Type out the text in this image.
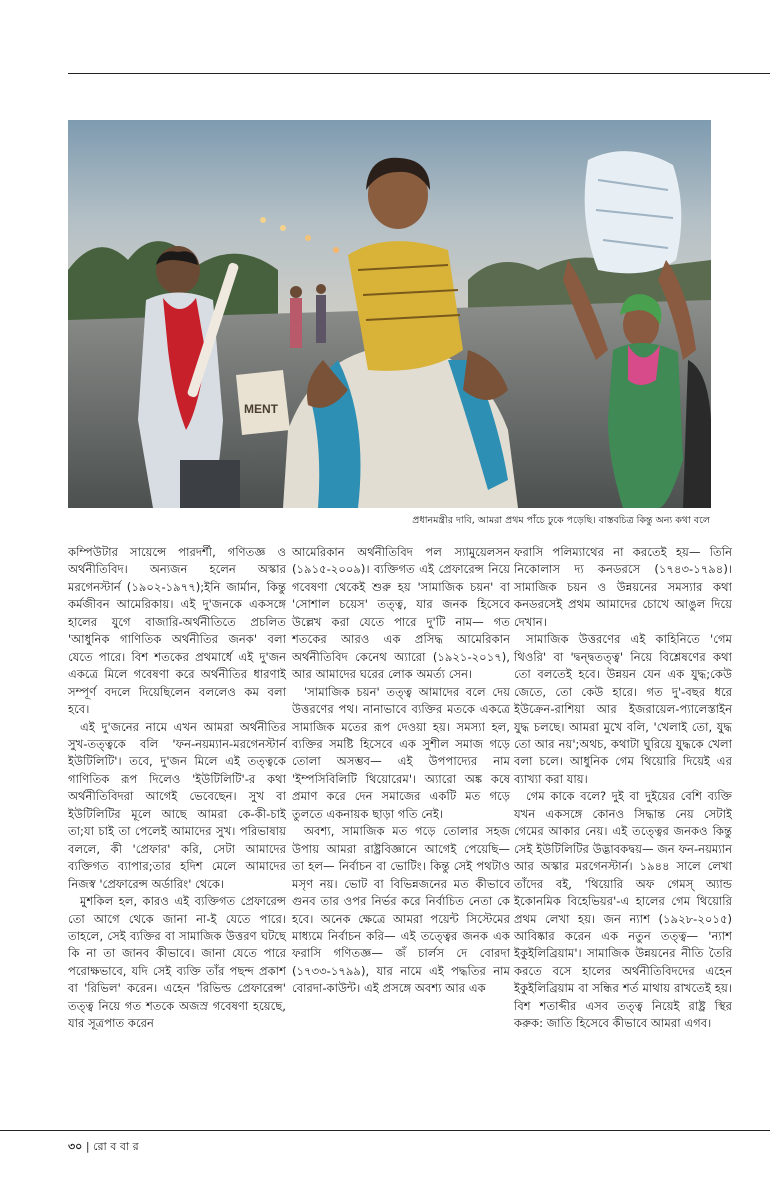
MENT
প্রধানমন্ত্রীর দাবি, আমরা প্রথম পাঁচে ঢুকে পড়েছি। বাস্তবচিত্র কিন্তু অন্য কথা বলে

কম্পিউটার সায়েন্সে পারদর্শী, গণিতজ্ঞ ও অর্থনীতিবিদ। অন্যজন হলেন অস্কার মরগেনস্টার্ন (১৯০২-১৯৭৭);ইনি জার্মান, কিন্তু কর্মজীবন আমেরিকায়। এই দু'জনকে একসঙ্গে হালের যুগে বাজারি-অর্থনীতিতে প্রচলিত 'আধুনিক গাণিতিক অর্থনীতির জনক' বলা যেতে পারে। বিশ শতকের প্রথমার্ধে এই দু'জন একত্রে মিলে গবেষণা করে অর্থনীতির ধারণাই সম্পূর্ণ বদলে দিয়েছিলেন বললেও কম বলা হবে।

এই দু'জনের নামে এখন আমরা অর্থনীতির সুখ-তত্ত্বকে বলি 'ফন-নয়ম্যান-মরগেনস্টার্ন ইউটিলিটি'। তবে, দু'জন মিলে এই তত্ত্বকে গাণিতিক রূপ দিলেও 'ইউটিলিটি'-র কথা অর্থনীতিবিদরা আগেই ভেবেছেন। সুখ বা ইউটিলিটির মূলে আছে আমরা কে-কী-চাই তা;যা চাই তা পেলেই আমাদের সুখ। পরিভাষায় বললে, কী 'প্রেফার' করি, সেটা আমাদের ব্যক্তিগত ব্যাপার;তার হদিশ মেলে আমাদের নিজস্ব 'প্রেফারেন্স অর্ডারিং' থেকে।

মুশকিল হল, কারও এই ব্যক্তিগত প্রেফারেন্স তো আগে থেকে জানা না-ই যেতে পারে। তাহলে, সেই ব্যক্তির বা সামাজিক উত্তরণ ঘটছে কি না তা জানব কীভাবে। জানা যেতে পারে পরোক্ষভাবে, যদি সেই ব্যক্তি তাঁর পছন্দ প্রকাশ বা 'রিভিল' করেন। এহেন 'রিভিল্ড প্রেফারেন্স' তত্ত্ব নিয়ে গত শতকে অজস্র গবেষণা হয়েছে, যার সূত্রপাত করেন

আমেরিকান অর্থনীতিবিদ পল স্যামুয়েলসন (১৯১৫-২০০৯)। ব্যক্তিগত এই প্রেফারেন্স নিয়ে গবেষণা থেকেই শুরু হয় 'সামাজিক চয়ন' বা 'সোশাল চয়েস' তত্ত্ব, যার জনক হিসেবে উল্লেখ করা যেতে পারে দু'টি নাম— গত শতকের আরও এক প্রসিদ্ধ আমেরিকান অর্থনীতিবিদ কেনেথ অ্যারো (১৯২১-২০১৭), আর আমাদের ঘরের লোক অমর্ত্য সেন।

'সামাজিক চয়ন' তত্ত্ব আমাদের বলে দেয় উত্তরণের পথ। নানাভাবে ব্যক্তির মতকে একত্রে সামাজিক মতের রূপ দেওয়া হয়। সমস্যা হল, ব্যক্তির সমষ্টি হিসেবে এক সুশীল সমাজ গড়ে তোলা অসম্ভব— এই উপপাদ্যের নাম 'ইম্পসিবিলিটি থিয়োরেম'। অ্যারো অঙ্ক কষে প্রমাণ করে দেন সমাজের একটি মত গড়ে তুলতে একনায়ক ছাড়া গতি নেই।

অবশ্য, সামাজিক মত গড়ে তোলার সহজ উপায় আমরা রাষ্ট্রবিজ্ঞানে আগেই পেয়েছি— তা হল— নির্বাচন বা ভোটিং। কিন্তু সেই পথটাও মসৃণ নয়। ভোট বা বিভিন্নজনের মত কীভাবে গুনব তার ওপর নির্ভর করে নির্বাচিত নেতা কে হবে। অনেক ক্ষেত্রে আমরা পয়েন্ট সিস্টেমের মাধ্যমে নির্বাচন করি— এই তত্ত্বের জনক এক ফরাসি গণিতজ্ঞ— জঁ চার্লস দে বোরদা (১৭৩৩-১৭৯৯), যার নামে এই পদ্ধতির নাম বোরদা-কাউন্ট। এই প্রসঙ্গে অবশ্য আর এক

ফরাসি পলিম্যাথের না করতেই হয়— তিনি নিকোলাস দ্য কনডরসে (১৭৪৩-১৭৯৪)। সামাজিক চয়ন ও উন্নয়নের সমস্যার কথা কনডরসেই প্রথম আমাদের চোখে আঙুল দিয়ে দেখান।

সামাজিক উত্তরণের এই কাহিনিতে 'গেম থিওরি' বা 'দ্বন্দ্বতত্ত্ব' নিয়ে বিশ্লেষণের কথা তো বলতেই হবে। উন্নয়ন যেন এক যুদ্ধ;কেউ জেতে, তো কেউ হারে। গত দু'-বছর ধরে ইউক্রেন-রাশিয়া আর ইজরায়েল-প্যালেস্তাইন যুদ্ধ চলছে। আমরা মুখে বলি, 'খেলাই তো, যুদ্ধ তো আর নয়';অথচ, কথাটা ঘুরিয়ে যুদ্ধকে খেলা বলা চলে। আধুনিক গেম থিয়োরি দিয়েই এর ব্যাখ্যা করা যায়।

গেম কাকে বলে? দুই বা দুইয়ের বেশি ব্যক্তি যখন একসঙ্গে কোনও সিদ্ধান্ত নেয় সেটাই গেমের আকার নেয়। এই তত্ত্বের জনকও কিন্তু সেই ইউটিলিটির উদ্ভাবকদ্বয়— জন ফন-নয়ম্যান আর অস্কার মরগেনস্টার্ন। ১৯৪৪ সালে লেখা তাঁদের বই, 'থিয়োরি অফ গেমস্ অ্যান্ড ইকোনমিক বিহেভিয়র'-এ হালের গেম থিয়োরি প্রথম লেখা হয়। জন ন্যাশ (১৯২৮-২০১৫) আবিষ্কার করেন এক নতুন তত্ত্ব— 'ন্যাশ ইকুইলিব্রিয়াম'। সামাজিক উন্নয়নের নীতি তৈরি করতে বসে হালের অর্থনীতিবিদদের এহেন ইকুইলিব্রিয়াম বা সন্ধির শর্ত মাথায় রাখতেই হয়। বিশ শতাব্দীর এসব তত্ত্ব নিয়েই রাষ্ট্র স্থির করুক: জাতি হিসেবে কীভাবে আমরা এগব।

৩০ | রো ব বা র
